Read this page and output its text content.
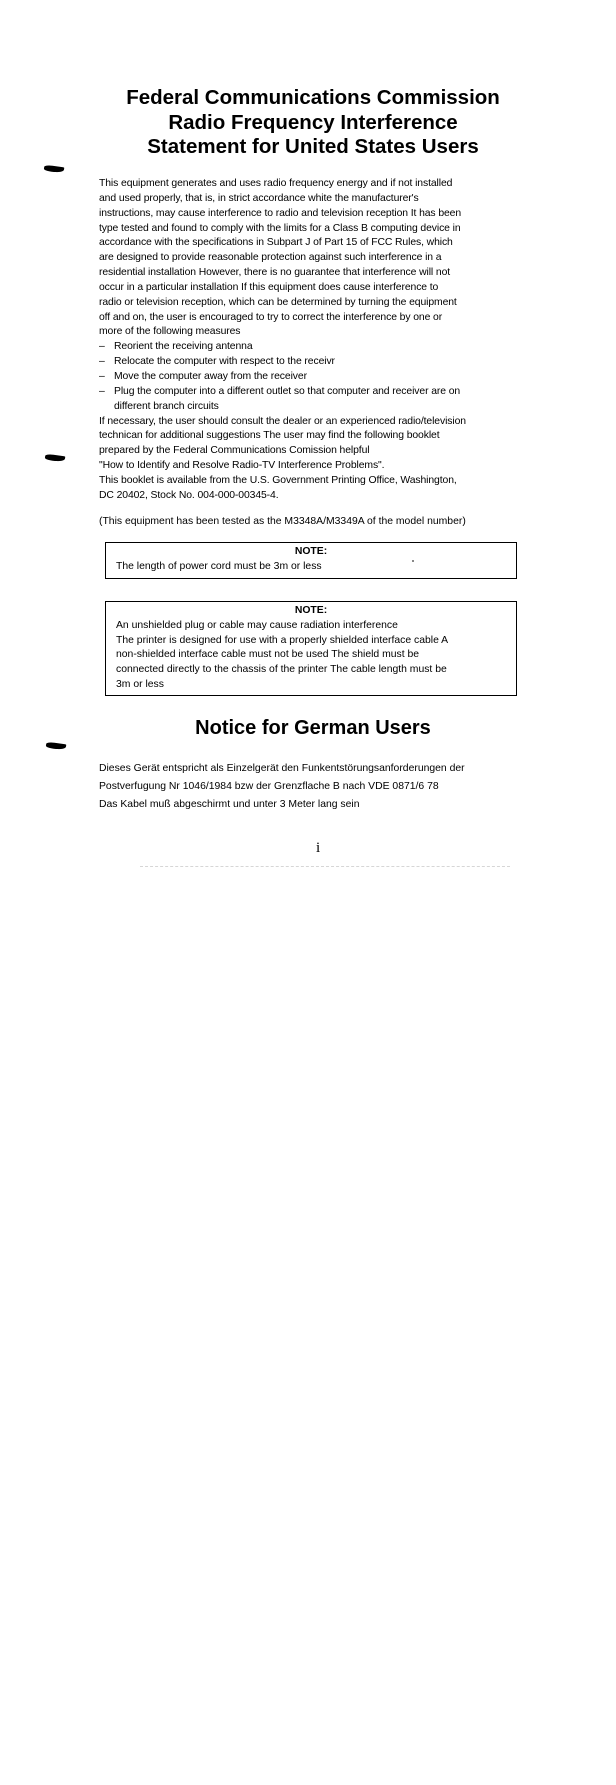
Federal Communications Commission
Radio Frequency Interference
Statement for United States Users
This equipment generates and uses radio frequency energy and if not installed
and used properly, that is, in strict accordance white the manufacturer's
instructions, may cause interference to radio and television reception It has been
type tested and found to comply with the limits for a Class B computing device in
accordance with the specifications in Subpart J of Part 15 of FCC Rules, which
are designed to provide reasonable protection against such interference in a
residential installation However, there is no guarantee that interference will not
occur in a particular installation If this equipment does cause interference to
radio or television reception, which can be determined by turning the equipment
off and on, the user is encouraged to try to correct the interference by one or
more of the following measures
– Reorient the receiving antenna
– Relocate the computer with respect to the receivr
– Move the computer away from the receiver
– Plug the computer into a different outlet so that computer and receiver are on
different branch circuits
If necessary, the user should consult the dealer or an experienced radio/television
technican for additional suggestions The user may find the following booklet
prepared by the Federal Communications Comission helpful
"How to Identify and Resolve Radio-TV Interference Problems".
This booklet is available from the U.S. Government Printing Office, Washington,
DC 20402, Stock No. 004-000-00345-4.

(This equipment has been tested as the M3348A/M3349A of the model number)

NOTE:
The length of power cord must be 3m or less
NOTE:
An unshielded plug or cable may cause radiation interference
The printer is designed for use with a properly shielded interface cable A
non-shielded interface cable must not be used The shield must be
connected directly to the chassis of the printer The cable length must be
3m or less
Notice for German Users
Dieses Gerät entspricht als Einzelgerät den Funkentstörungsanforderungen der
Postverfugung Nr 1046/1984 bzw der Grenzflache B nach VDE 0871/6 78
Das Kabel muß abgeschirmt und unter 3 Meter lang sein

i
